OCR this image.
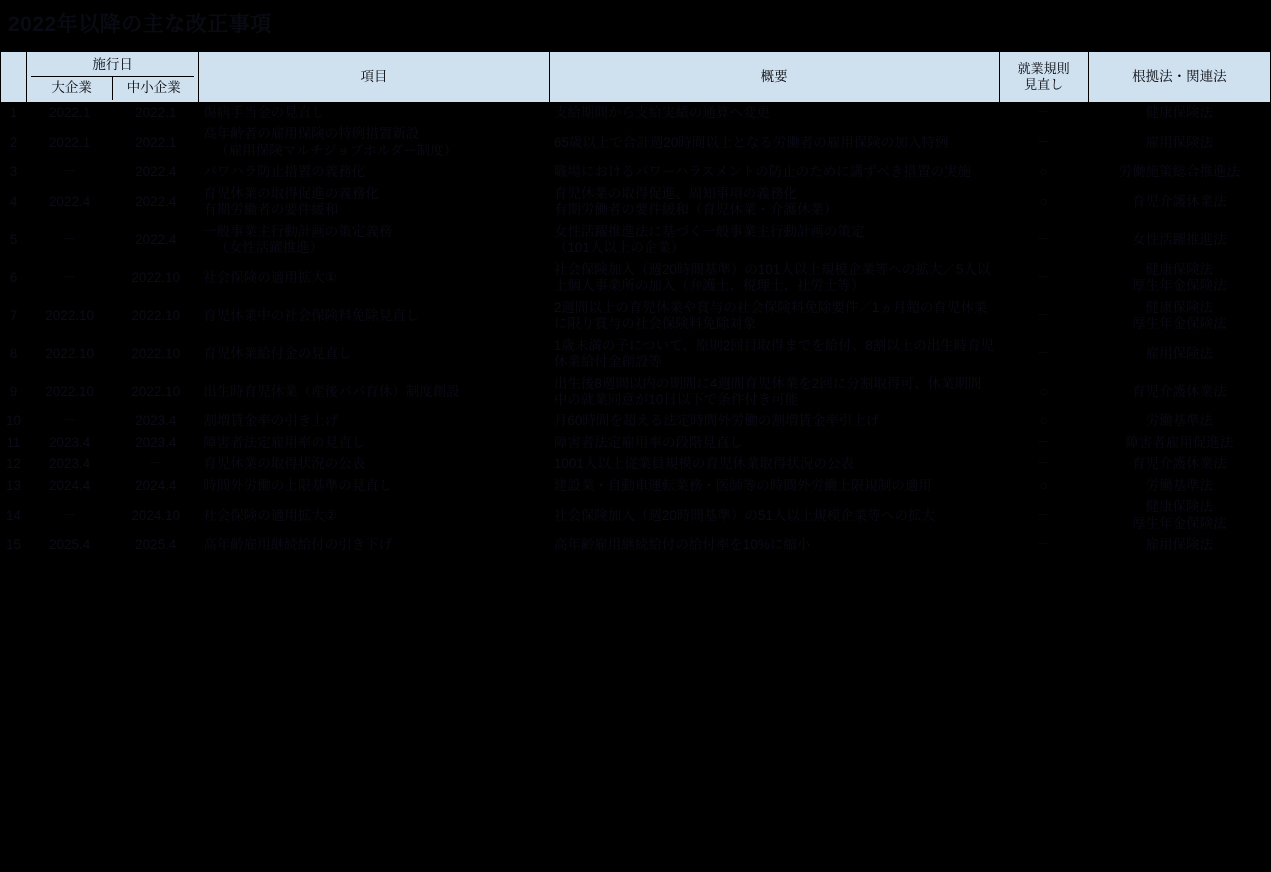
2022年以降の主な改正事項

	施行日
大企業 中小企業		項目	概要	就業規則
見直し	根拠法・関連法

1	2022.1	2022.1	傷病手当金の見直し	支給期間から支給実績の通算へ変更	－	健康保険法

2	2022.1	2022.1	高年齢者の雇用保険の特例措置新設
（雇用保険マルチジョブホルダー制度）	65歳以上で合計週20時間以上となる労働者の雇用保険の加入特例	－	雇用保険法

3	－	2022.4	パワハラ防止措置の義務化	職場におけるパワーハラスメントの防止のために講ずべき措置の実施	○	労働施策総合推進法

4	2022.4	2022.4	育児休業の取得促進の義務化
有期労働者の要件緩和	育児休業の取得促進、周知事項の義務化
有期労働者の要件緩和（育児休業・介護休業）	○	育児介護休業法

5	－	2022.4	一般事業主行動計画の策定義務
（女性活躍推進）	女性活躍推進法に基づく一般事業主行動計画の策定
（101人以上の企業）	－	女性活躍推進法

6	－	2022.10	社会保険の適用拡大①	社会保険加入（週20時間基準）の101人以上規模企業等への拡大／5人以上個人事業所の加入（弁護士、税理士、社労士等）	－	健康保険法
厚生年金保険法

7	2022.10	2022.10	育児休業中の社会保険料免除見直し	2週間以上の育児休業や賞与の社会保険料免除要件／1ヵ月超の育児休業に限り賞与の社会保険料免除対象	－	健康保険法
厚生年金保険法

8	2022.10	2022.10	育児休業給付金の見直し	1歳未満の子について、原則2回目取得までを給付、8割以上の出生時育児休業給付金創設等	－	雇用保険法

9	2022.10	2022.10	出生時育児休業（産後パパ育休）制度創設	出生後8週間以内の期間に4週間育児休業を2回に分割取得可、休業期間中の就業同意が10日以下で条件付き可能	○	育児介護休業法

10	－	2023.4	割増賃金率の引き上げ	月60時間を超える法定時間外労働の割増賃金率引上げ	○	労働基準法

11	2023.4	2023.4	障害者法定雇用率の見直し	障害者法定雇用率の段階見直し	－	障害者雇用促進法

12	2023.4	－	育児休業の取得状況の公表	1001人以上従業員規模の育児休業取得状況の公表	－	育児介護休業法

13	2024.4	2024.4	時間外労働の上限基準の見直し	建設業・自動車運転業務・医師等の時間外労働上限規制の適用	○	労働基準法

14	－	2024.10	社会保険の適用拡大②	社会保険加入（週20時間基準）の51人以上規模企業等への拡大	－	健康保険法
厚生年金保険法

15	2025.4	2025.4	高年齢雇用継続給付の引き下げ	高年齢雇用継続給付の給付率を10%に縮小	－	雇用保険法
